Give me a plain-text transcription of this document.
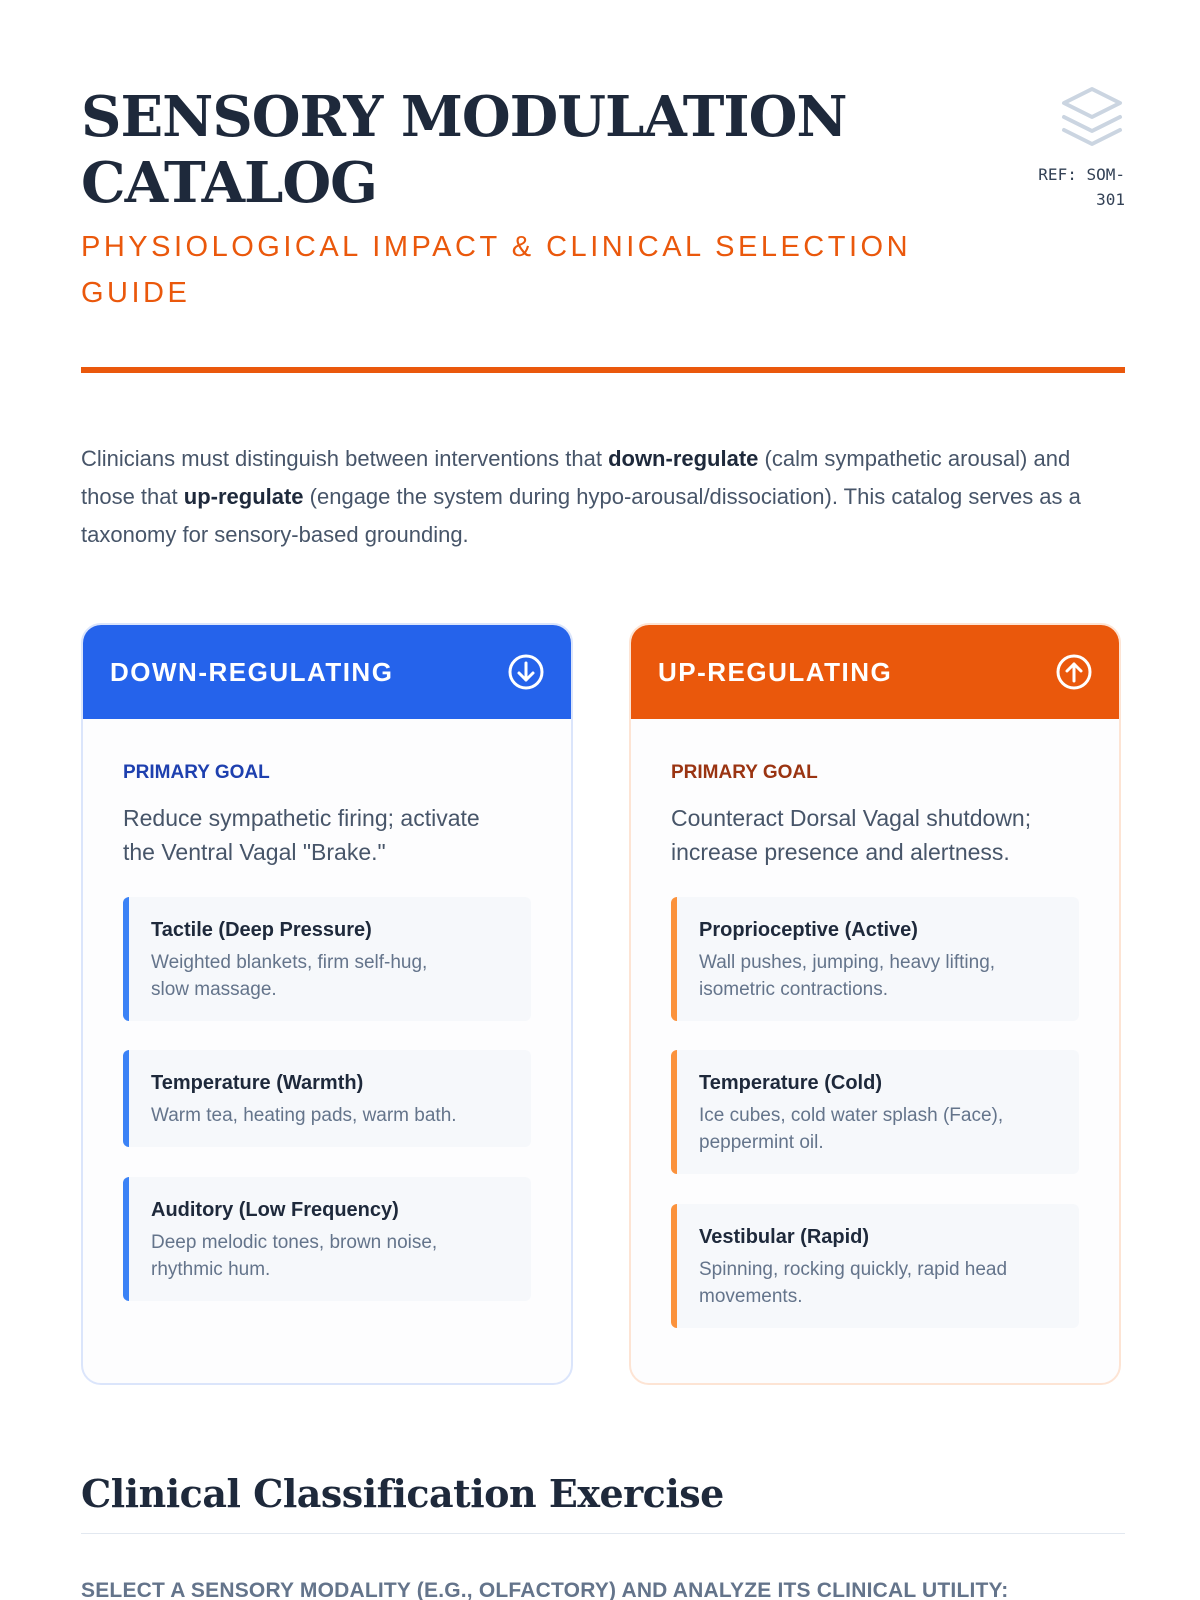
SENSORY MODULATION
CATALOG
PHYSIOLOGICAL IMPACT & CLINICAL SELECTION
GUIDE
REF: SOM-
301

Clinicians must distinguish between interventions that down-regulate (calm sympathetic arousal) and those that up-regulate (engage the system during hypo-arousal/dissociation). This catalog serves as a taxonomy for sensory-based grounding.

DOWN-REGULATING
PRIMARY GOAL
Reduce sympathetic firing; activate
the Ventral Vagal "Brake."
Tactile (Deep Pressure)
Weighted blankets, firm self-hug,
slow massage.
Temperature (Warmth)
Warm tea, heating pads, warm bath.
Auditory (Low Frequency)
Deep melodic tones, brown noise,
rhythmic hum.
UP-REGULATING
PRIMARY GOAL
Counteract Dorsal Vagal shutdown;
increase presence and alertness.
Proprioceptive (Active)
Wall pushes, jumping, heavy lifting,
isometric contractions.
Temperature (Cold)
Ice cubes, cold water splash (Face),
peppermint oil.
Vestibular (Rapid)
Spinning, rocking quickly, rapid head
movements.
Clinical Classification Exercise
SELECT A SENSORY MODALITY (E.G., OLFACTORY) AND ANALYZE ITS CLINICAL UTILITY:
